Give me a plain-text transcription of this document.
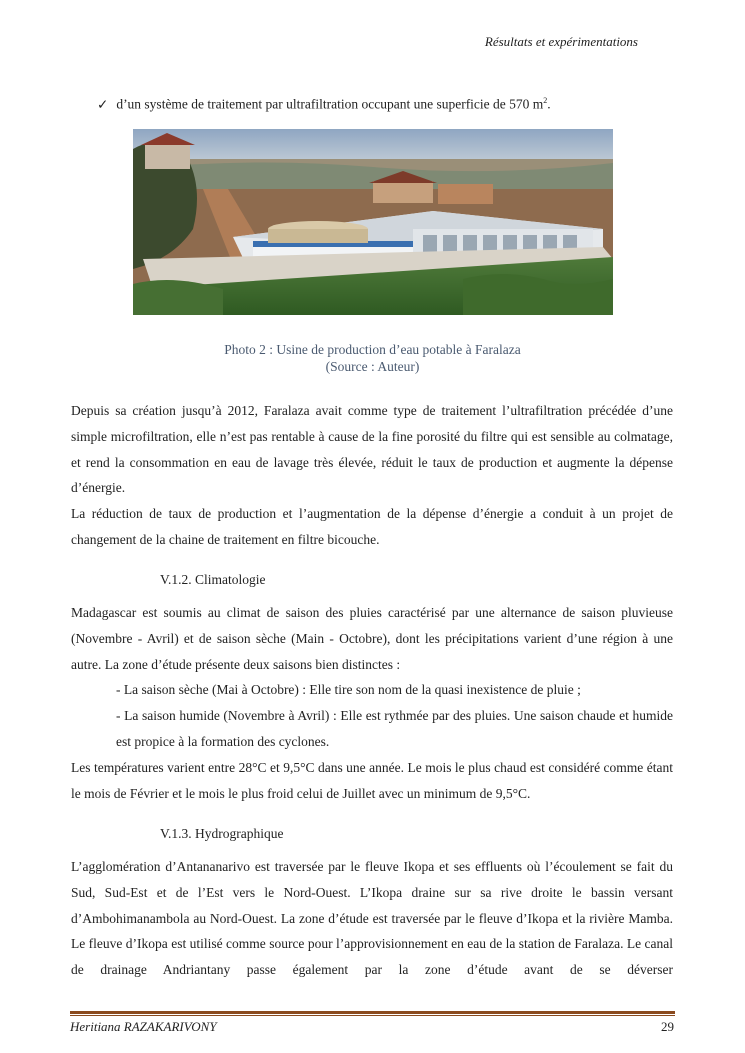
Résultats et expérimentations
✓ d’un système de traitement par ultrafiltration occupant une superficie de 570 $m^2$.
Photo 2 : Usine de production d’eau potable à Faralaza
(Source : Auteur)

Depuis sa création jusqu’à 2012, Faralaza avait comme type de traitement l’ultrafiltration précédée d’une simple microfiltration, elle n’est pas rentable à cause de la fine porosité du filtre qui est sensible au colmatage, et rend la consommation en eau de lavage très élevée, réduit le taux de production et augmente la dépense d’énergie.

La réduction de taux de production et l’augmentation de la dépense d’énergie a conduit à un projet de changement de la chaine de traitement en filtre bicouche.

V.1.2. Climatologie

Madagascar est soumis au climat de saison des pluies caractérisé par une alternance de saison pluvieuse (Novembre - Avril) et de saison sèche (Main - Octobre), dont les précipitations varient d’une région à une autre. La zone d’étude présente deux saisons bien distinctes :

- La saison sèche (Mai à Octobre) : Elle tire son nom de la quasi inexistence de pluie ;

- La saison humide (Novembre à Avril) : Elle est rythmée par des pluies. Une saison chaude et humide est propice à la formation des cyclones.

Les températures varient entre 28°C et 9,5°C dans une année. Le mois le plus chaud est considéré comme étant le mois de Février et le mois le plus froid celui de Juillet avec un minimum de 9,5°C.

V.1.3. Hydrographique

L’agglomération d’Antananarivo est traversée par le fleuve Ikopa et ses effluents où l’écoulement se fait du Sud, Sud-Est et de l’Est vers le Nord-Ouest. L’Ikopa draine sur sa rive droite le bassin versant d’Ambohimanambola au Nord-Ouest. La zone d’étude est traversée par le fleuve d’Ikopa et la rivière Mamba. Le fleuve d’Ikopa est utilisé comme source pour l’approvisionnement en eau de la station de Faralaza. Le canal de drainage Andriantany passe également par la zone d’étude avant de se déverser

Heritiana RAZAKARIVONY	29
